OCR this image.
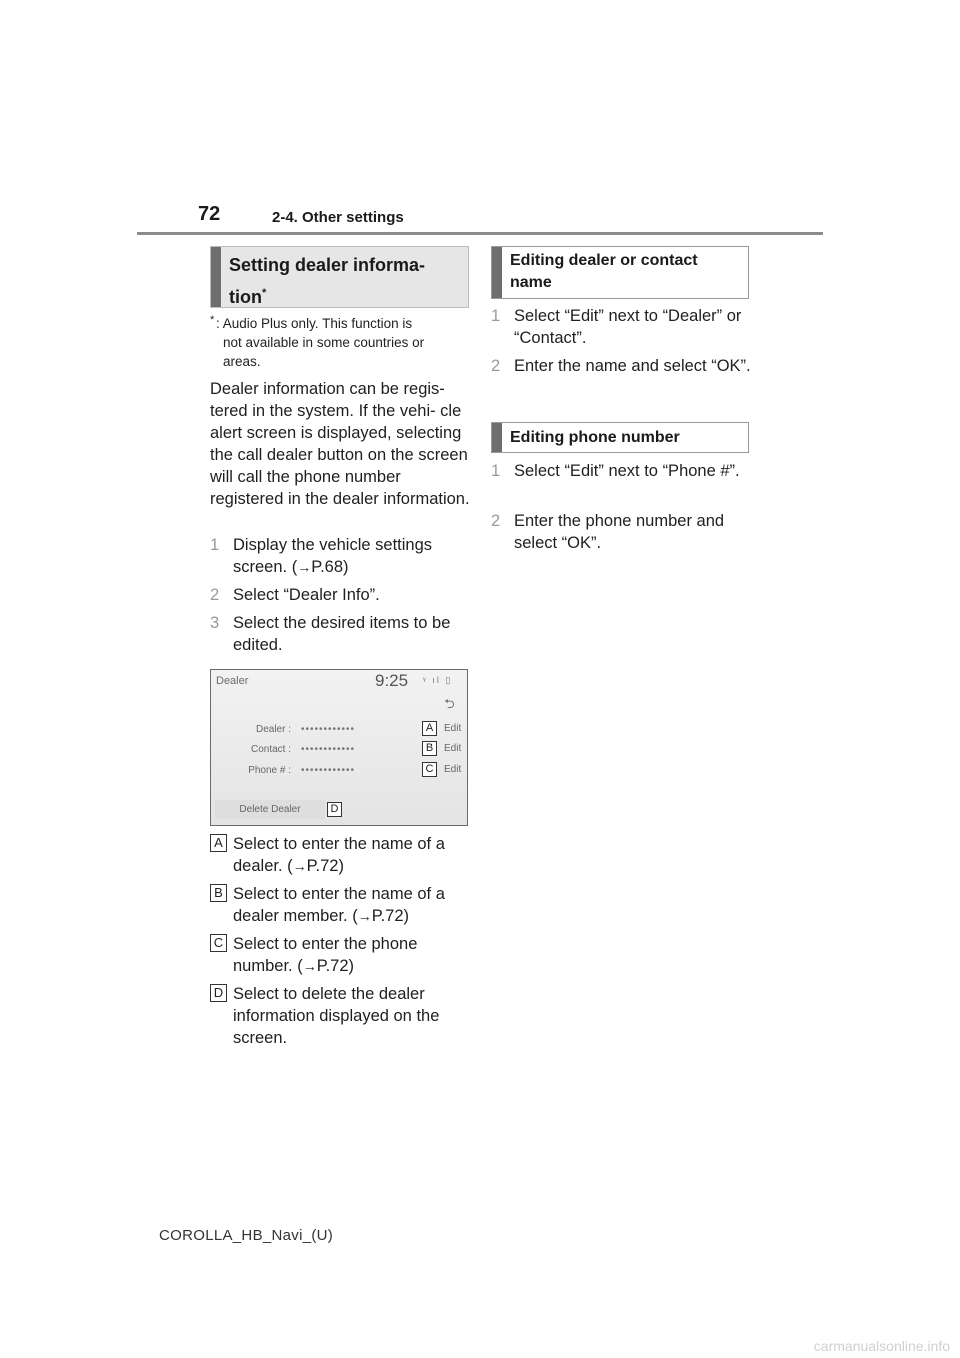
72	2-4. Other settings
Setting dealer informa-
tion*
* : Audio Plus only. This function is
not available in some countries or
areas.
Dealer information can be regis- tered in the system. If the vehi- cle alert screen is displayed, selecting the call dealer button on the screen will call the phone number registered in the dealer information.
1 Display the vehicle settings screen. (→P.68)
2 Select “Dealer Info”.
3 Select the desired items to be edited.
Dealer	9:25 ᵞ ıl ▯
⮌
Dealer : ••••••••••••	A	Edit
Contact : ••••••••••••	B	Edit
Phone # : ••••••••••••	C	Edit
Delete Dealer	D
A Select to enter the name of a dealer. (→P.72)
B Select to enter the name of a dealer member. (→P.72)
C Select to enter the phone number. (→P.72)
D Select to delete the dealer information displayed on the screen.
Editing dealer or contact name
1 Select “Edit” next to “Dealer” or “Contact”.
2 Enter the name and select “OK”.
Editing phone number
1 Select “Edit” next to “Phone #”.
2 Enter the phone number and select “OK”.
COROLLA_HB_Navi_(U)
carmanualsonline.info
